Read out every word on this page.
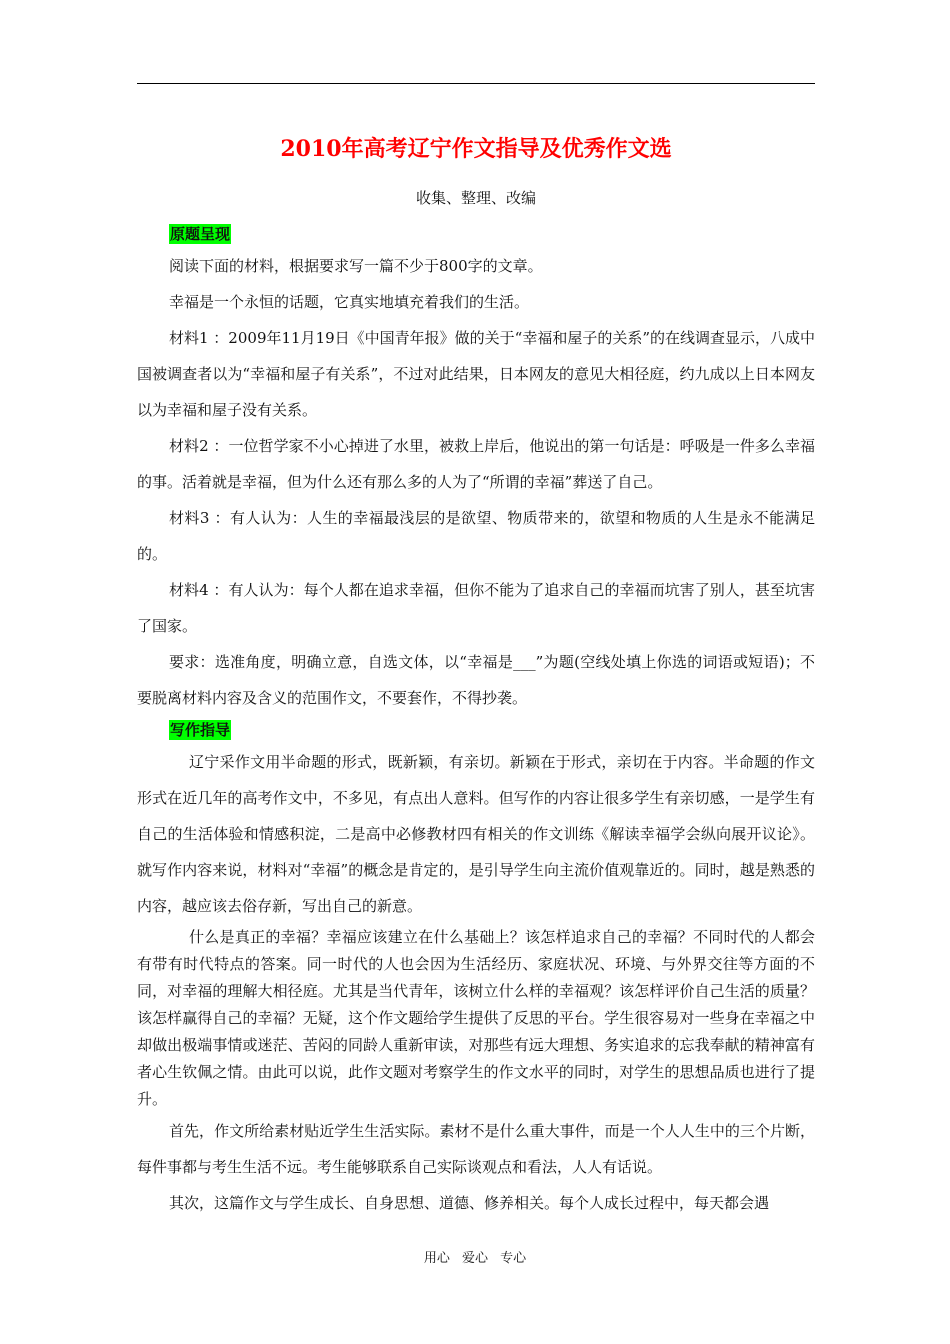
2010年高考辽宁作文指导及优秀作文选
收集、整理、改编
原题呈现

阅读下面的材料，根据要求写一篇不少于800字的文章。

幸福是一个永恒的话题，它真实地填充着我们的生活。

材料1 ：2009年11月19日《中国青年报》做的关于“幸福和屋子的关系”的在线调查显示，八成中国被调查者以为“幸福和屋子有关系”，不过对此结果，日本网友的意见大相径庭，约九成以上日本网友以为幸福和屋子没有关系。

材料2 ：一位哲学家不小心掉进了水里，被救上岸后，他说出的第一句话是：呼吸是一件多么幸福的事。活着就是幸福，但为什么还有那么多的人为了“所谓的幸福”葬送了自己。

材料3 ：有人认为：人生的幸福最浅层的是欲望、物质带来的，欲望和物质的人生是永不能满足的。

材料4 ：有人认为：每个人都在追求幸福，但你不能为了追求自己的幸福而坑害了别人，甚至坑害了国家。

要求：选准角度，明确立意，自选文体，以“幸福是___”为题(空线处填上你选的词语或短语)；不要脱离材料内容及含义的范围作文，不要套作，不得抄袭。

写作指导

辽宁采作文用半命题的形式，既新颖，有亲切。新颖在于形式，亲切在于内容。半命题的作文形式在近几年的高考作文中，不多见，有点出人意料。但写作的内容让很多学生有亲切感，一是学生有自己的生活体验和情感积淀，二是高中必修教材四有相关的作文训练《解读幸福学会纵向展开议论》。就写作内容来说，材料对“幸福”的概念是肯定的，是引导学生向主流价值观靠近的。同时，越是熟悉的内容，越应该去俗存新，写出自己的新意。

什么是真正的幸福？幸福应该建立在什么基础上？该怎样追求自己的幸福？不同时代的人都会有带有时代特点的答案。同一时代的人也会因为生活经历、家庭状况、环境、与外界交往等方面的不同，对幸福的理解大相径庭。尤其是当代青年，该树立什么样的幸福观？该怎样评价自己生活的质量？该怎样赢得自己的幸福？无疑，这个作文题给学生提供了反思的平台。学生很容易对一些身在幸福之中却做出极端事情或迷茫、苦闷的同龄人重新审读，对那些有远大理想、务实追求的忘我奉献的精神富有者心生钦佩之情。由此可以说，此作文题对考察学生的作文水平的同时，对学生的思想品质也进行了提升。

首先，作文所给素材贴近学生生活实际。素材不是什么重大事件，而是一个人人生中的三个片断，每件事都与考生生活不远。考生能够联系自己实际谈观点和看法，人人有话说。

其次，这篇作文与学生成长、自身思想、道德、修养相关。每个人成长过程中，每天都会遇

用心 爱心 专心
